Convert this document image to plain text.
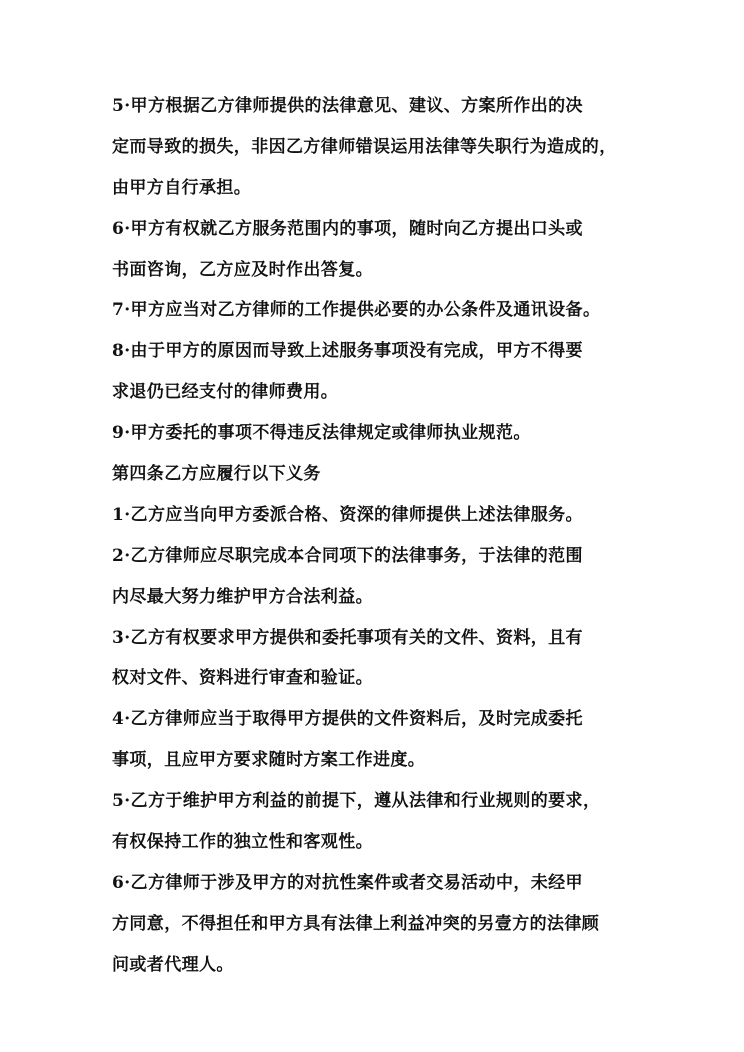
5·甲方根据乙方律师提供的法律意见、建议、方案所作出的决
定而导致的损失，非因乙方律师错误运用法律等失职行为造成的，
由甲方自行承担。
6·甲方有权就乙方服务范围内的事项，随时向乙方提出口头或
书面咨询，乙方应及时作出答复。
7·甲方应当对乙方律师的工作提供必要的办公条件及通讯设备。
8·由于甲方的原因而导致上述服务事项没有完成，甲方不得要
求退仍已经支付的律师费用。
9·甲方委托的事项不得违反法律规定或律师执业规范。
第四条乙方应履行以下义务
1·乙方应当向甲方委派合格、资深的律师提供上述法律服务。
2·乙方律师应尽职完成本合同项下的法律事务，于法律的范围
内尽最大努力维护甲方合法利益。
3·乙方有权要求甲方提供和委托事项有关的文件、资料，且有
权对文件、资料进行审查和验证。
4·乙方律师应当于取得甲方提供的文件资料后，及时完成委托
事项，且应甲方要求随时方案工作进度。
5·乙方于维护甲方利益的前提下，遵从法律和行业规则的要求，
有权保持工作的独立性和客观性。
6·乙方律师于涉及甲方的对抗性案件或者交易活动中，未经甲
方同意，不得担任和甲方具有法律上利益冲突的另壹方的法律顾
问或者代理人。
